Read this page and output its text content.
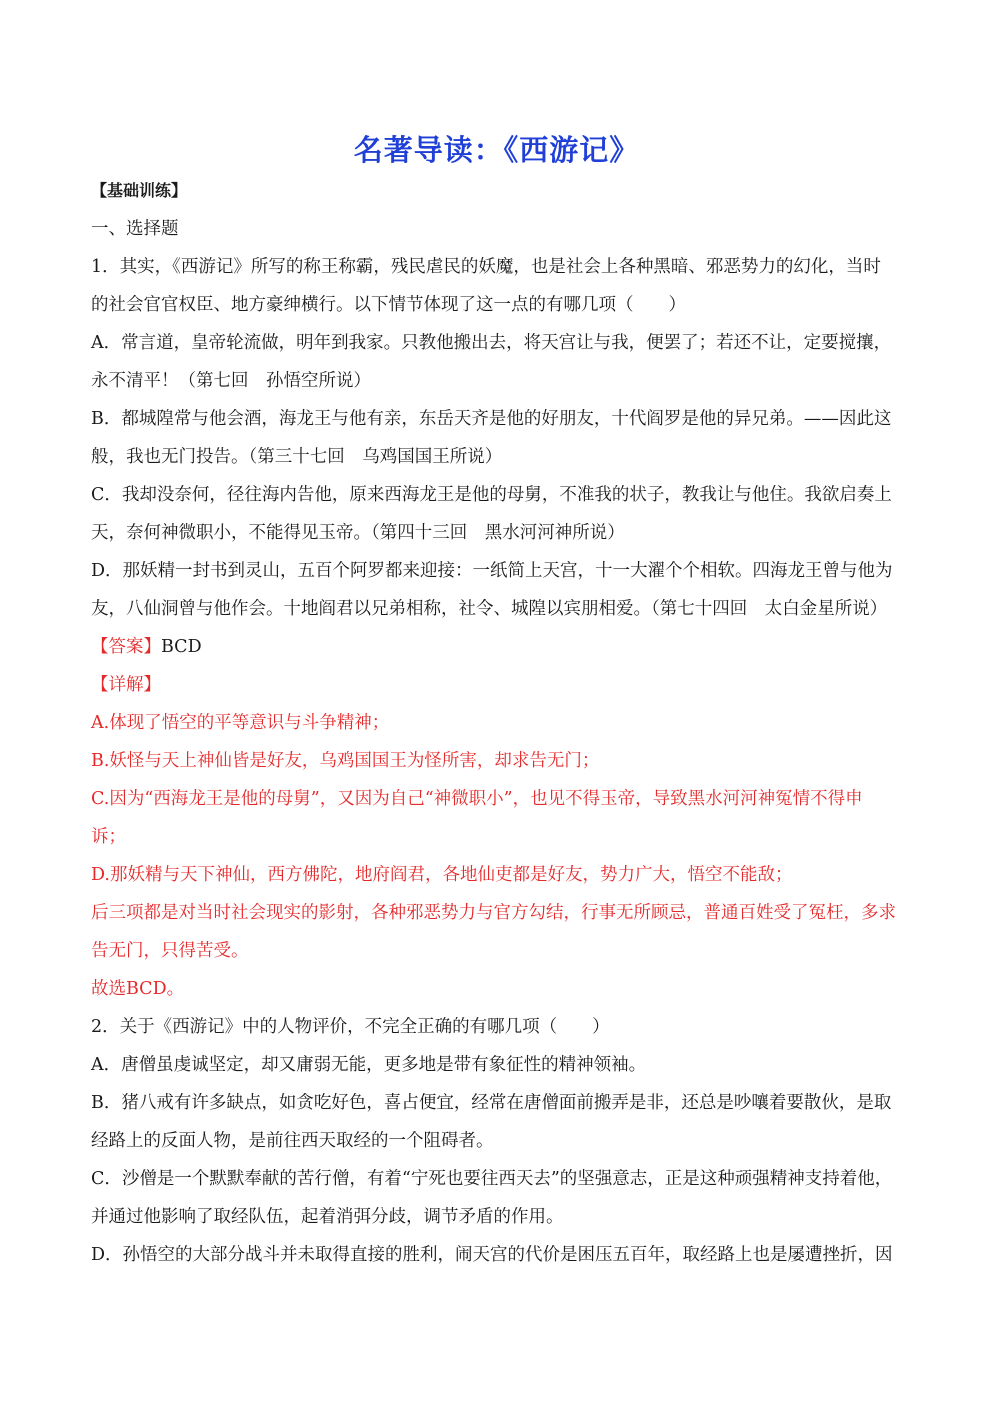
名著导读：《西游记》

【基础训练】

一、选择题

1．其实，《西游记》所写的称王称霸，残民虐民的妖魔，也是社会上各种黑暗、邪恶势力的幻化，当时

的社会官官权臣、地方豪绅横行。以下情节体现了这一点的有哪几项（　　）

A．常言道，皇帝轮流做，明年到我家。只教他搬出去，将天宫让与我，便罢了；若还不让，定要搅攘，

永不清平！（第七回　孙悟空所说）

B．都城隍常与他会酒，海龙王与他有亲，东岳天齐是他的好朋友，十代阎罗是他的异兄弟。——因此这

般，我也无门投告。（第三十七回　乌鸡国国王所说）

C．我却没奈何，径往海内告他，原来西海龙王是他的母舅，不准我的状子，教我让与他住。我欲启奏上

天，奈何神微职小，不能得见玉帝。（第四十三回　黑水河河神所说）

D．那妖精一封书到灵山，五百个阿罗都来迎接：一纸简上天宫，十一大濯个个相软。四海龙王曾与他为

友，八仙洞曾与他作会。十地阎君以兄弟相称，社令、城隍以宾朋相爱。（第七十四回　太白金星所说）

【答案】BCD

【详解】

A.体现了悟空的平等意识与斗争精神；

B.妖怪与天上神仙皆是好友，乌鸡国国王为怪所害，却求告无门；

C.因为“西海龙王是他的母舅”，又因为自己“神微职小”，也见不得玉帝，导致黑水河河神冤情不得申

诉；

D.那妖精与天下神仙，西方佛陀，地府阎君，各地仙吏都是好友，势力广大，悟空不能敌；

后三项都是对当时社会现实的影射，各种邪恶势力与官方勾结，行事无所顾忌，普通百姓受了冤枉，多求

告无门，只得苦受。

故选BCD。

2．关于《西游记》中的人物评价，不完全正确的有哪几项（　　）

A．唐僧虽虔诚坚定，却又庸弱无能，更多地是带有象征性的精神领袖。

B．猪八戒有许多缺点，如贪吃好色，喜占便宜，经常在唐僧面前搬弄是非，还总是吵嚷着要散伙，是取

经路上的反面人物，是前往西天取经的一个阻碍者。

C．沙僧是一个默默奉献的苦行僧，有着“宁死也要往西天去”的坚强意志，正是这种顽强精神支持着他，

并通过他影响了取经队伍，起着消弭分歧，调节矛盾的作用。

D．孙悟空的大部分战斗并未取得直接的胜利，闹天宫的代价是困压五百年，取经路上也是屡遭挫折，因
